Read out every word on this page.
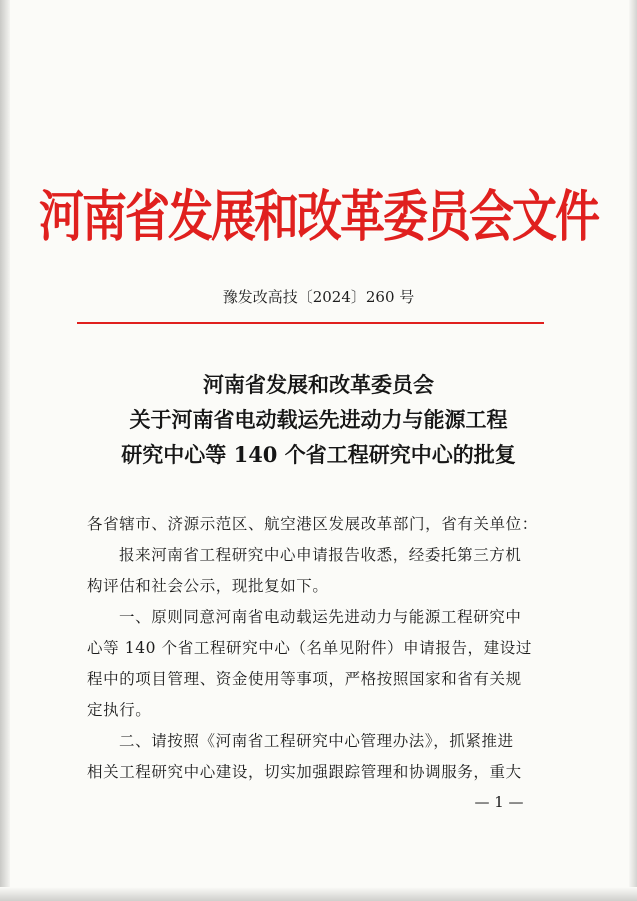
河南省发展和改革委员会文件
豫发改高技〔2024〕260 号
河南省发展和改革委员会
关于河南省电动载运先进动力与能源工程
研究中心等 140 个省工程研究中心的批复
各省辖市、济源示范区、航空港区发展改革部门，省有关单位：
报来河南省工程研究中心申请报告收悉，经委托第三方机
构评估和社会公示，现批复如下。
一、原则同意河南省电动载运先进动力与能源工程研究中
心等 140 个省工程研究中心（名单见附件）申请报告，建设过
程中的项目管理、资金使用等事项，严格按照国家和省有关规
定执行。
二、请按照《河南省工程研究中心管理办法》，抓紧推进
相关工程研究中心建设，切实加强跟踪管理和协调服务，重大
— 1 —
